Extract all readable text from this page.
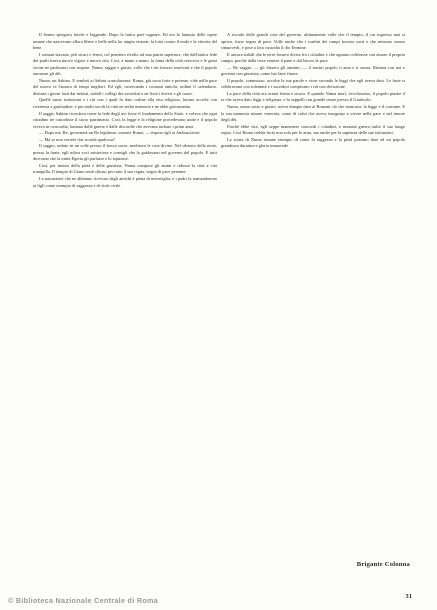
Il Sonno spiegava favole e leggende. Dopo la fatica poté sognare. Ed era la fantasia delle opere umane che nascevano allora libere e belle nella lor ampia visione: la lotta contro il male e la vittoria del bene.

I romani stavano, più sicuri e fermi, col pensiero rivolto ad una patria superiore, che dall'antica fede dei padri traeva nuovo vigore e nuova vita. Così, a mano a mano, la fama della città cresceva e le genti vicine ne parlavano con stupore. Numa, saggio e giusto, volle che i riti fossero osservati e che il popolo onorasse gli dèi.

Numa, un Sabino. E sembrò ai Sabini consolazione. Roma, già sorta forte e potente, vide nella pace del nuovo re l'aurora di tempi migliori. Ed egli, osservando i costumi antichi, ordinò il calendario, distinse i giorni fasti dai nefasti, stabilì i collegi dei sacerdoti e ne fissò i doveri e gli onori.

Quelle sante istituzioni e i riti con i quali fu dato ordine alla vita religiosa, furono accolte con riverenza e gratitudine, e per molti secoli la città ne serbò memoria e ne ebbe giovamento.

Il saggio Sabino ricordava come la fede degli avi fosse il fondamento dello Stato, e voleva che ogni cittadino ne custodisse il sacro patrimonio. Così, la legge e la religione procedevano unite e il popolo viveva in concordia, lontano dalle guerre e dalle discordie che avevano turbato i primi anni.

— Dopo me, Re, governerà un Re legittimo: onorate Roma, — rispose egli ai Ambasciatori.

— Ma se non vorrete che accada qualcosa?

Il saggio, seduto in un colle presso il bosco sacro, meditava le cose divine. Nel silenzio della notte, presso la fonte, egli udiva voci misteriose e consigli che lo guidavano nel governo del popolo. E tutti dicevano che la ninfa Egeria gli parlasse e lo ispirasse.

Così, per mezzo della pietà e della giustizia, Numa compose gli animi e ridusse la città a vita tranquilla. Il tempio di Giano restò chiuso per tutto il suo regno, segno di pace perenne.

La narrazione che ne abbiamo ricevuto dagli antichi è piena di meraviglia, e i padri la tramandarono ai figli come esempio di saggezza e di virtù civile.

A ricordo delle grandi cose del governo, ultimamente volle che il tempio, il cui ingresso mai si apriva, fosse segno di pace. Volle anche che i confini dei campi fossero sacri e che nessuno osasse rimuoverli, e pose a loro custodia il dio Termine.

E ancora stabilì che le terre fossero divise fra i cittadini e che ognuno coltivasse con amore il proprio campo, perché dalla terra venisse il pane e dal lavoro la pace.

— Re saggio, — gli dissero gli anziani, — il nostro popolo ti ama e ti onora. Rimani con noi e governa con giustizia, come hai fatto finora.

Il popolo, commosso, accolse le sue parole e visse secondo le leggi che egli aveva dato. Le feste si celebravano con solennità e i sacerdoti compivano i riti con devozione.

La pace della città era ormai ferma e sicura. E quando Numa morì, vecchissimo, il popolo pianse il re che aveva dato leggi e religione, e lo seppellì con grande onore presso il Gianicolo.

Numa, uomo savio e giusto, aveva dunque dato ai Romani ciò che mancava: la legge e il costume. E la sua memoria rimase venerata, come di colui che aveva insegnato a vivere nella pace e nel timore degli dèi.

Finché ebbe vita, egli seppe mantenere concordi i cittadini, e nessuna guerra turbò il suo lungo regno. Così Roma crebbe forte non solo per le armi, ma anche per la sapienza delle sue istituzioni.

La storia di Numa rimane esempio di come la saggezza e la pietà possano dare ad un popolo grandezza duratura e gloria immortale.

Brigante Colonna
31
© Biblioteca Nazionale Centrale di Roma
